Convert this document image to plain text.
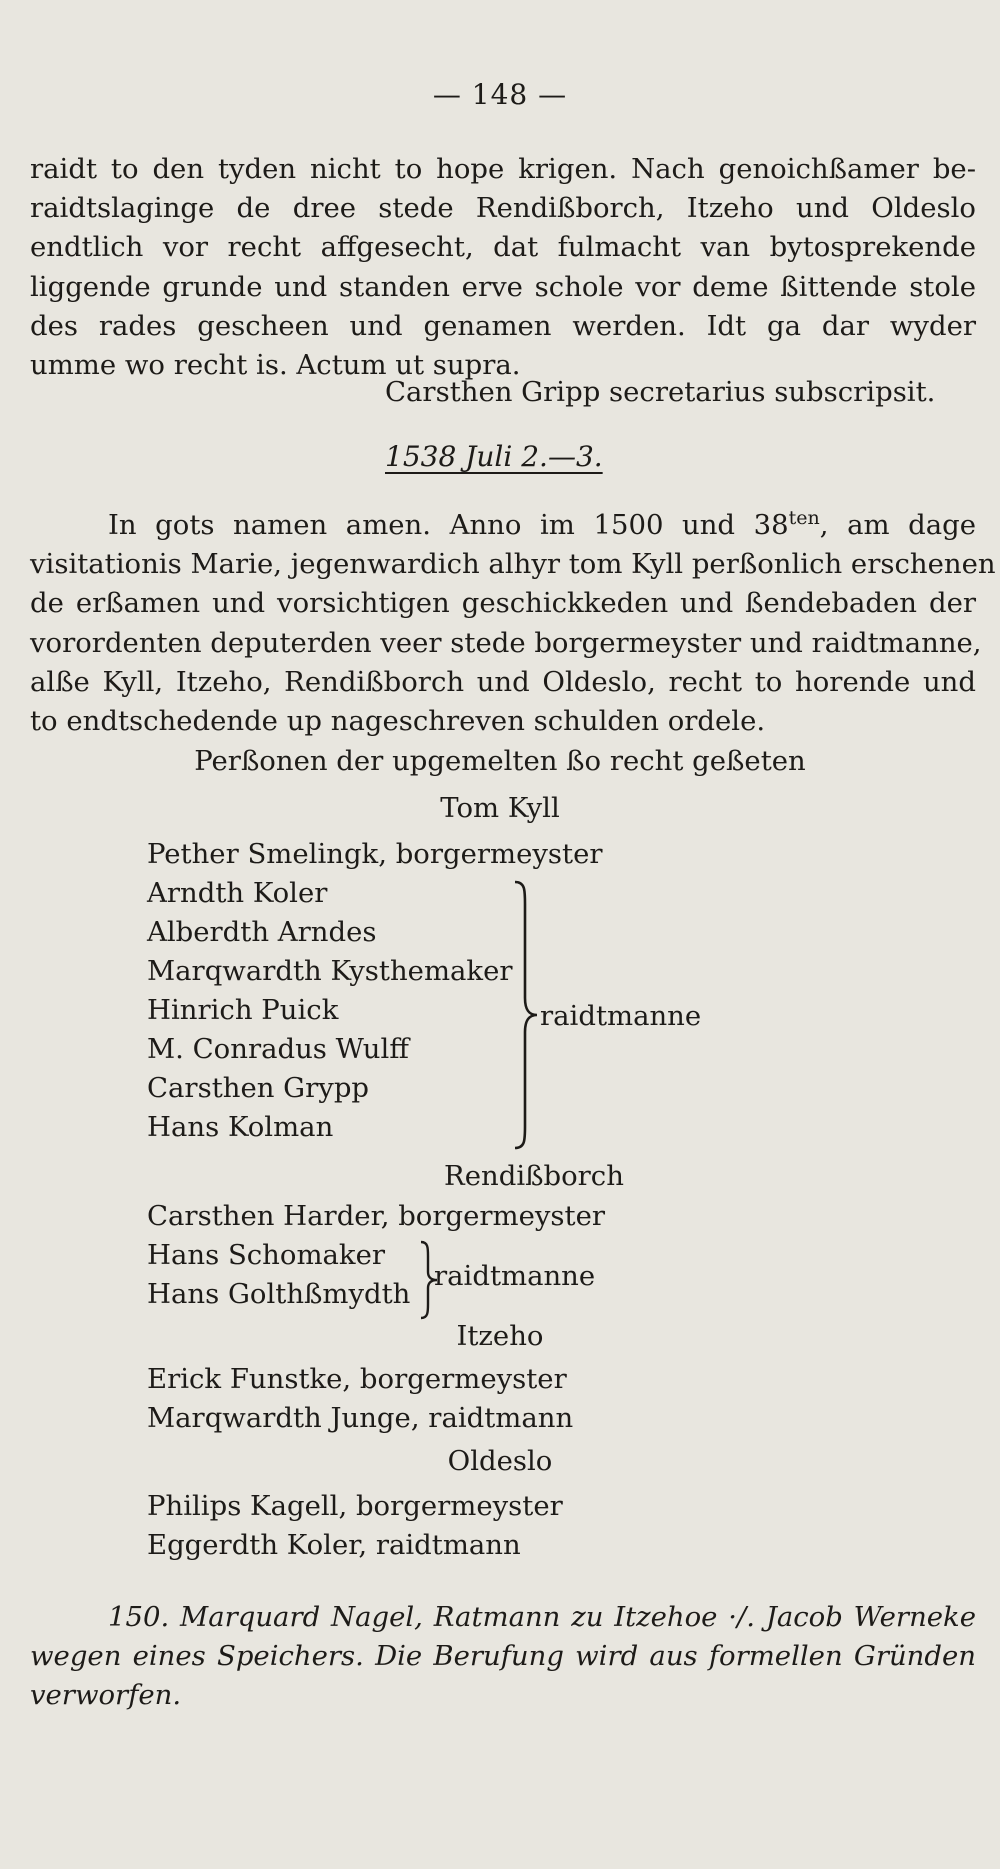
— 148 —
raidt to den tyden nicht to hope krigen. Nach genoichßamer be-
raidtslaginge de dree stede Rendißborch, Itzeho und Oldeslo
endtlich vor recht affgesecht, dat fulmacht van bytosprekende
liggende grunde und standen erve schole vor deme ßittende stole
des rades gescheen und genamen werden. Idt ga dar wyder
umme wo recht is. Actum ut supra.
Carsthen Gripp secretarius subscripsit.
1538 Juli 2.—3.
In gots namen amen. Anno im 1500 und $38^{ten}$, am dage
visitationis Marie, jegenwardich alhyr tom Kyll perßonlich erschenen
de erßamen und vorsichtigen geschickkeden und ßendebaden der
vorordenten deputerden veer stede borgermeyster und raidtmanne,
alße Kyll, Itzeho, Rendißborch und Oldeslo, recht to horende und
to endtschedende up nageschreven schulden ordele.
Perßonen der upgemelten ßo recht geßeten
Tom Kyll
Pether Smelingk, borgermeyster
Arndth Koler
Alberdth Arndes
Marqwardth Kysthemaker
Hinrich Puick
M. Conradus Wulff
Carsthen Grypp
Hans Kolman
raidtmanne
Rendißborch
Carsthen Harder, borgermeyster
Hans Schomaker
Hans Golthßmydth
raidtmanne
Itzeho
Erick Funstke, borgermeyster
Marqwardth Junge, raidtmann
Oldeslo
Philips Kagell, borgermeyster
Eggerdth Koler, raidtmann
150. Marquard Nagel, Ratmann zu Itzehoe ·/. Jacob Werneke
wegen eines Speichers. Die Berufung wird aus formellen Gründen
verworfen.
